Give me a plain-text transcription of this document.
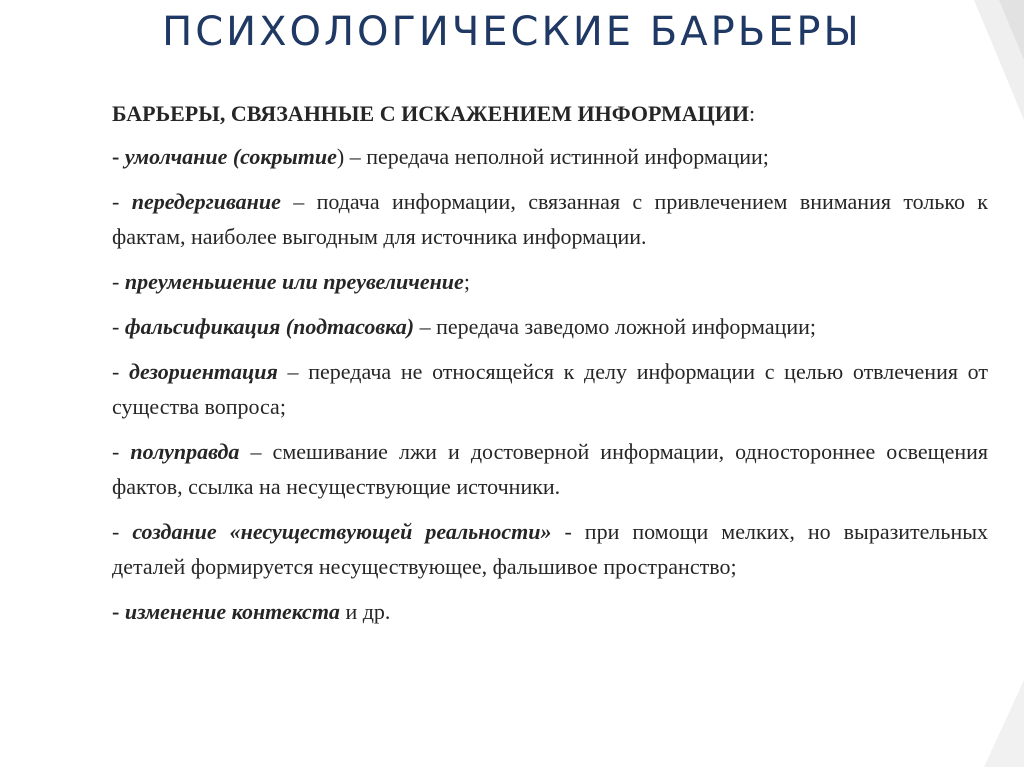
ПСИХОЛОГИЧЕСКИЕ БАРЬЕРЫ
БАРЬЕРЫ, СВЯЗАННЫЕ С ИСКАЖЕНИЕМ ИНФОРМАЦИИ:
- умолчание (сокрытие) – передача неполной истинной информации;
- передергивание – подача информации, связанная с привлечением внимания только к фактам, наиболее выгодным для источника информации.
- преуменьшение или преувеличение;
- фальсификация (подтасовка) – передача заведомо ложной информации;
- дезориентация – передача не относящейся к делу информации с целью отвлечения от существа вопроса;
- полуправда – смешивание лжи и достоверной информации, одностороннее освещения фактов, ссылка на несуществующие источники.
- создание «несуществующей реальности» - при помощи мелких, но выразительных деталей формируется несуществующее, фальшивое пространство;
- изменение контекста и др.
